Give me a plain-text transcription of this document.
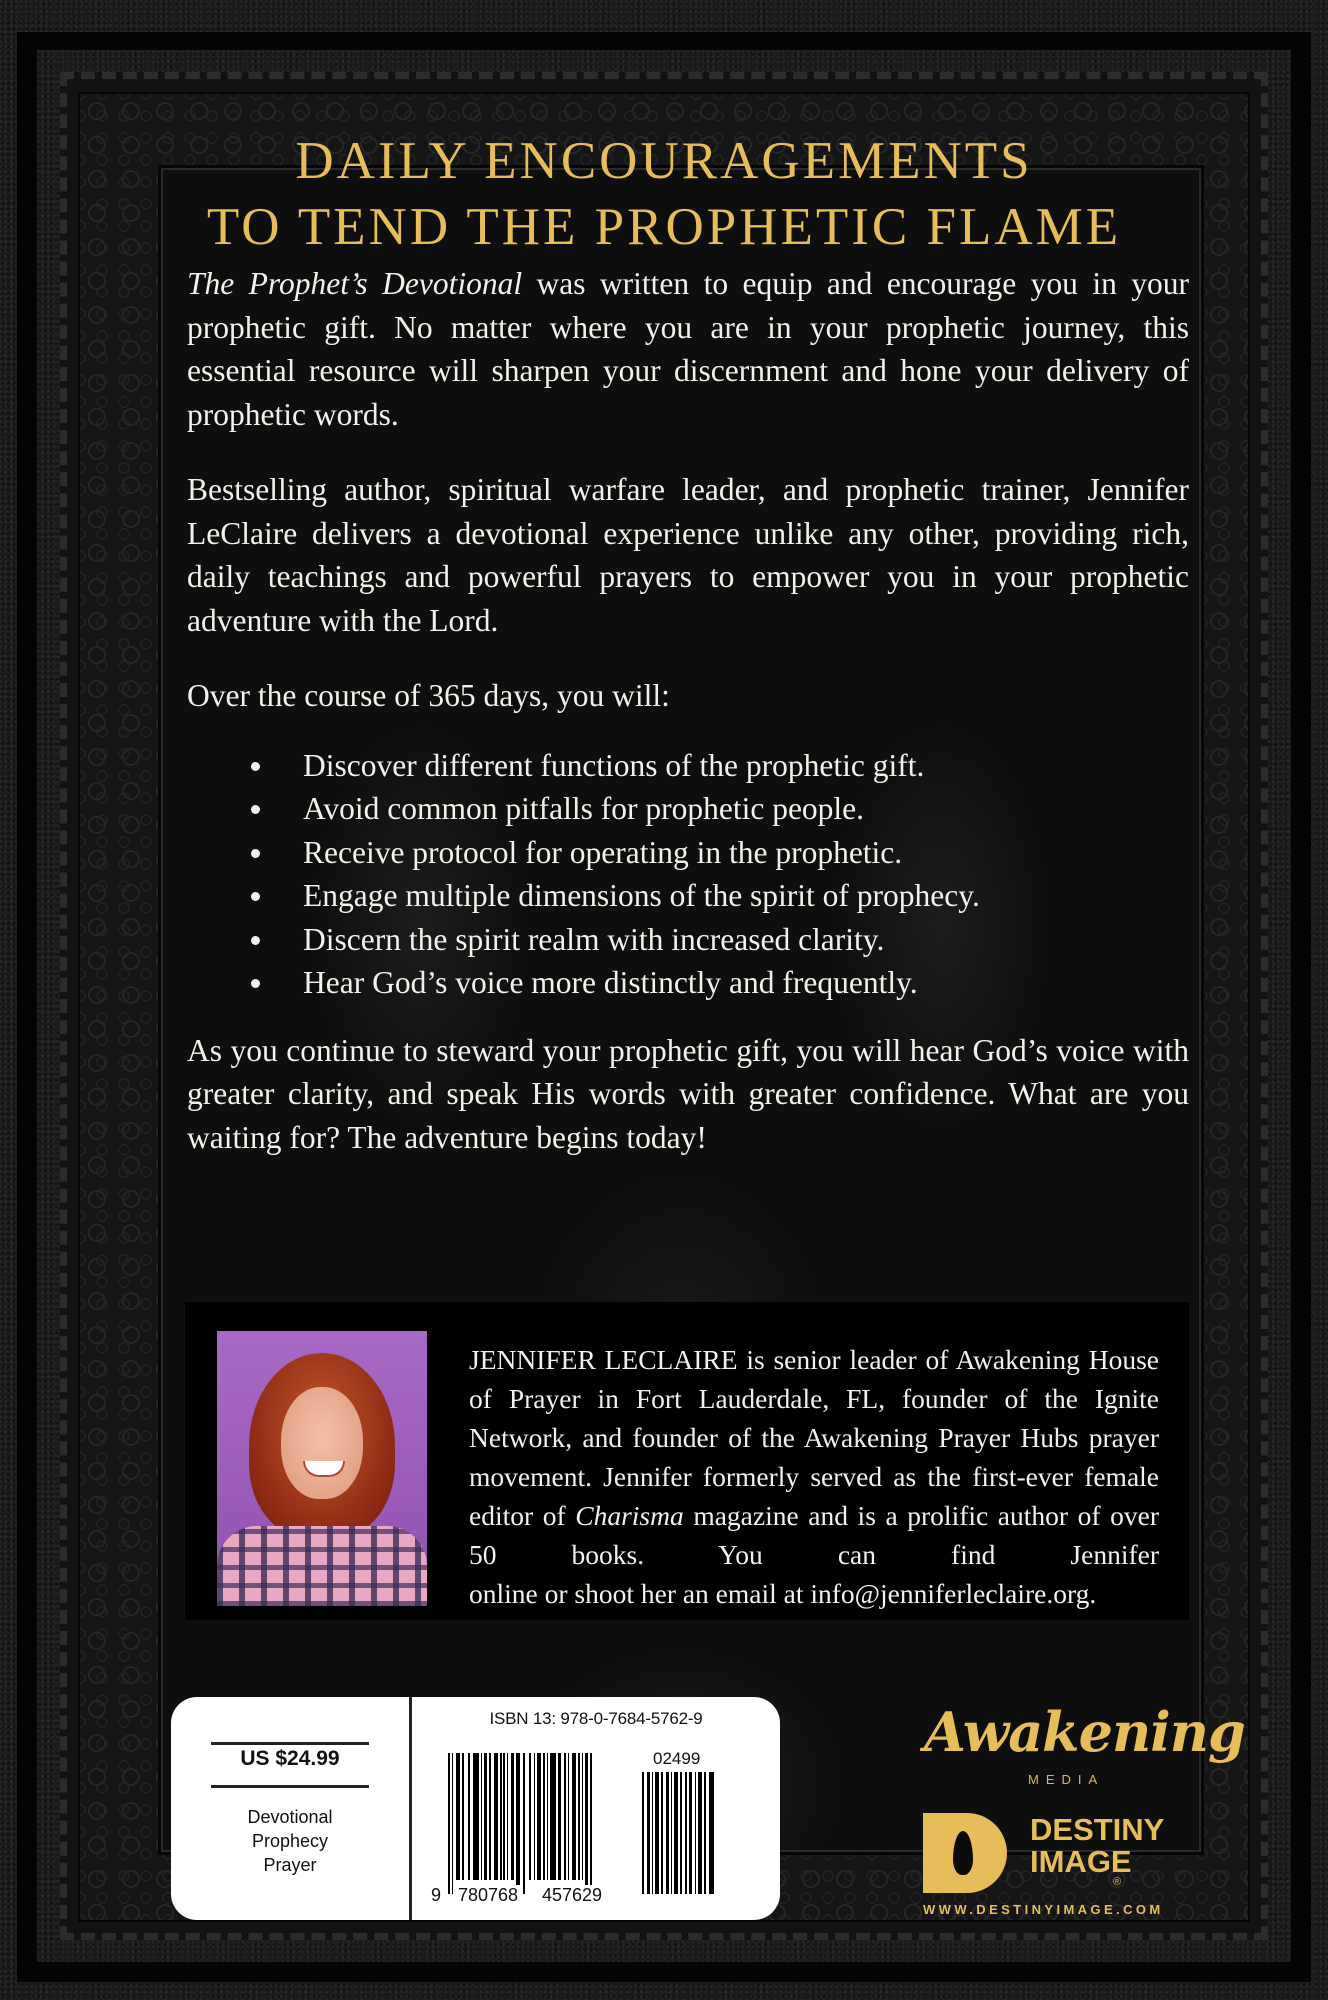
DAILY ENCOURAGEMENTS
TO TEND THE PROPHETIC FLAME

The Prophet’s Devotional was written to equip and encourage you in your prophetic gift. No matter where you are in your prophetic journey, this essential resource will sharpen your discernment and hone your delivery of prophetic words.

Bestselling author, spiritual warfare leader, and prophetic trainer, Jennifer LeClaire delivers a devotional experience unlike any other, providing rich, daily teachings and powerful prayers to empower you in your prophetic adventure with the Lord.

Over the course of 365 days, you will:

Discover different functions of the prophetic gift.
Avoid common pitfalls for prophetic people.
Receive protocol for operating in the prophetic.
Engage multiple dimensions of the spirit of prophecy.
Discern the spirit realm with increased clarity.
Hear God’s voice more distinctly and frequently.

As you continue to steward your prophetic gift, you will hear God’s voice with greater clarity, and speak His words with greater confidence. What are you waiting for? The adventure begins today!

JENNIFER LECLAIRE is senior leader of Awakening House of Prayer in Fort Lauderdale, FL, founder of the Ignite Network, and founder of the Awakening Prayer Hubs prayer movement. Jennifer formerly served as the first-ever female editor of Charisma magazine and is a prolific author of over 50 books. You can find Jennifer
online or shoot her an email at info@jenniferleclaire.org.
US $24.99
Devotional
Prophecy
Prayer
ISBN 13: 978-0-7684-5762-9
02499
9 780768 457629
Awakening
MEDIA
DESTINY
IMAGE
®
WWW.DESTINYIMAGE.COM
